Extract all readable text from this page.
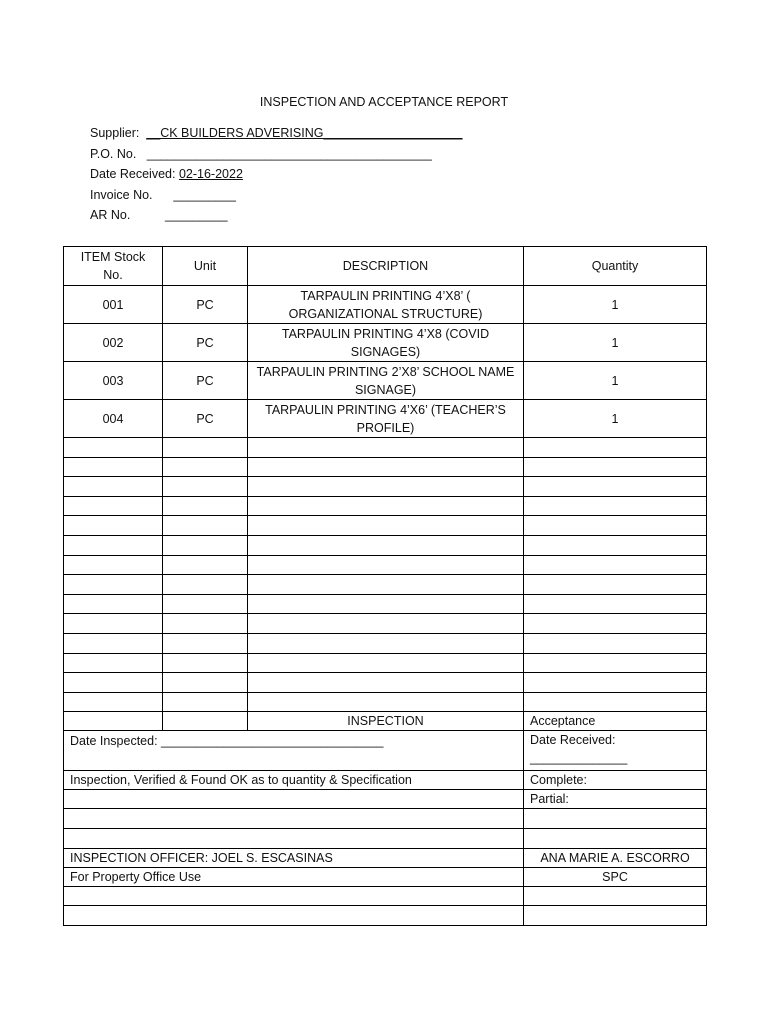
INSPECTION AND ACCEPTANCE REPORT
Supplier: __CK BUILDERS ADVERISING____________________
P.O. No. _________________________________________
Date Received: 02-16-2022
Invoice No. _________
AR No.	_________
ITEM Stock No.	Unit	DESCRIPTION	Quantity
001	PC	TARPAULIN PRINTING 4’X8’ ( ORGANIZATIONAL STRUCTURE)	1
002	PC	TARPAULIN PRINTING 4’X8 (COVID SIGNAGES)	1
003	PC	TARPAULIN PRINTING 2’X8’ SCHOOL NAME SIGNAGE)	1
004	PC	TARPAULIN PRINTING 4’X6’ (TEACHER’S PROFILE)	1

		INSPECTION	Acceptance
Date Inspected: ________________________________			Date Received:
______________

Inspection, Verified & Found OK as to quantity & Specification			Complete:
			Partial:

INSPECTION OFFICER: JOEL S. ESCASINAS			ANA MARIE A. ESCORRO
For Property Office Use			SPC
